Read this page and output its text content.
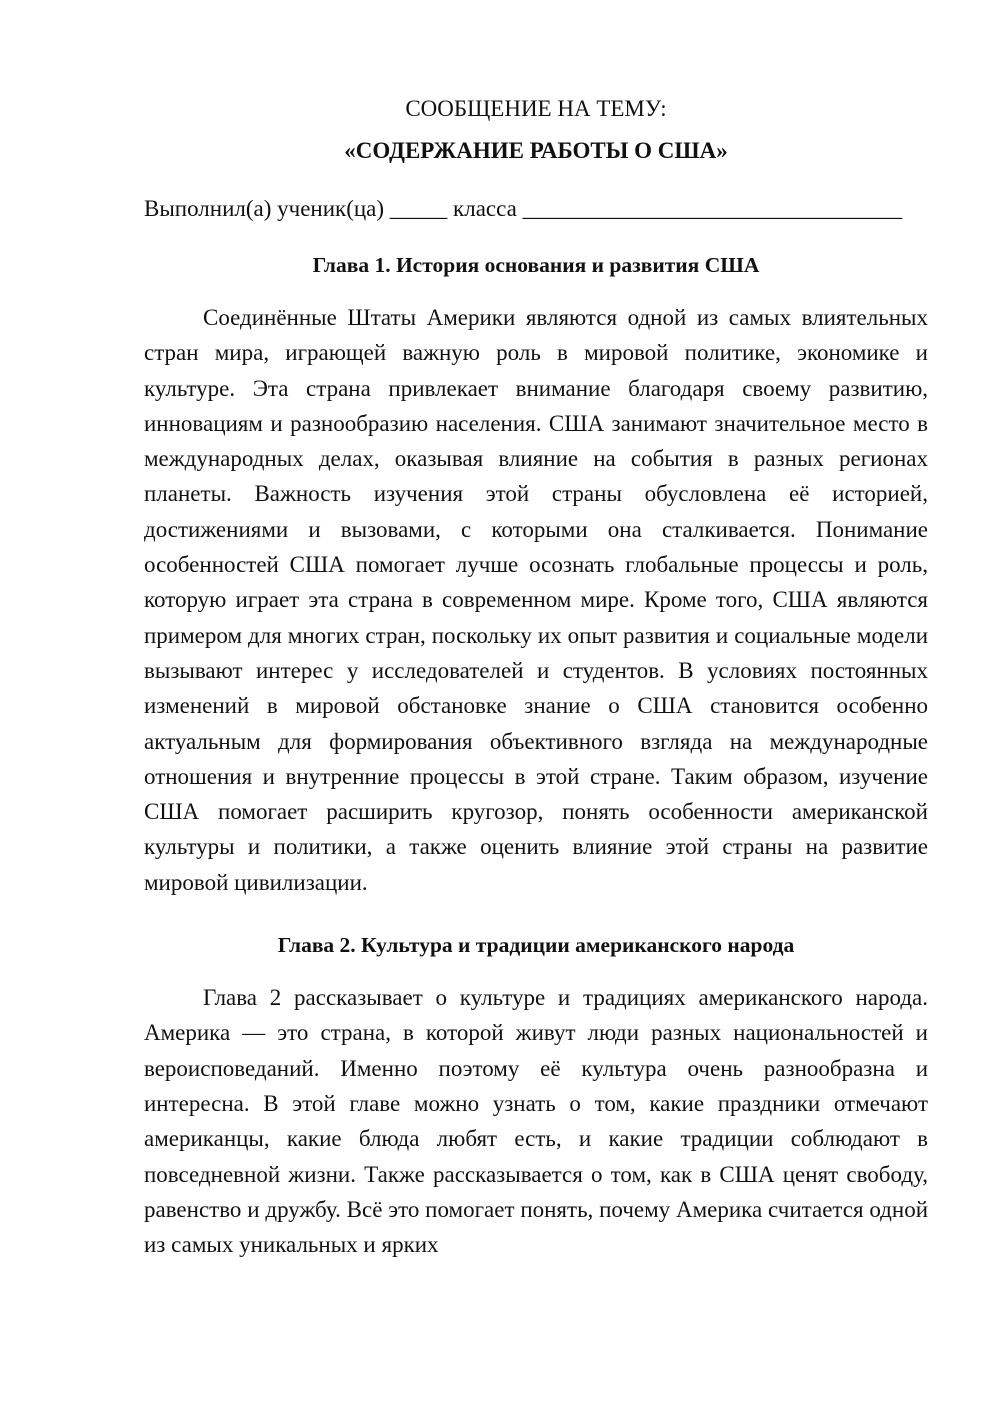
СООБЩЕНИЕ НА ТЕМУ:

«СОДЕРЖАНИЕ РАБОТЫ О США»

Выполнил(а) ученик(ца) _____ класса _________________________________

Глава 1. История основания и развития США

Соединённые Штаты Америки являются одной из самых влиятельных стран мира, играющей важную роль в мировой политике, экономике и культуре. Эта страна привлекает внимание благодаря своему развитию, инновациям и разнообразию населения. США занимают значительное место в международных делах, оказывая влияние на события в разных регионах планеты. Важность изучения этой страны обусловлена её историей, достижениями и вызовами, с которыми она сталкивается. Понимание особенностей США помогает лучше осознать глобальные процессы и роль, которую играет эта страна в современном мире. Кроме того, США являются примером для многих стран, поскольку их опыт развития и социальные модели вызывают интерес у исследователей и студентов. В условиях постоянных изменений в мировой обстановке знание о США становится особенно актуальным для формирования объективного взгляда на международные отношения и внутренние процессы в этой стране. Таким образом, изучение США помогает расширить кругозор, понять особенности американской культуры и политики, а также оценить влияние этой страны на развитие мировой цивилизации.

Глава 2. Культура и традиции американского народа

Глава 2 рассказывает о культуре и традициях американского народа. Америка — это страна, в которой живут люди разных национальностей и вероисповеданий. Именно поэтому её культура очень разнообразна и интересна. В этой главе можно узнать о том, какие праздники отмечают американцы, какие блюда любят есть, и какие традиции соблюдают в повседневной жизни. Также рассказывается о том, как в США ценят свободу, равенство и дружбу. Всё это помогает понять, почему Америка считается одной из самых уникальных и ярких
